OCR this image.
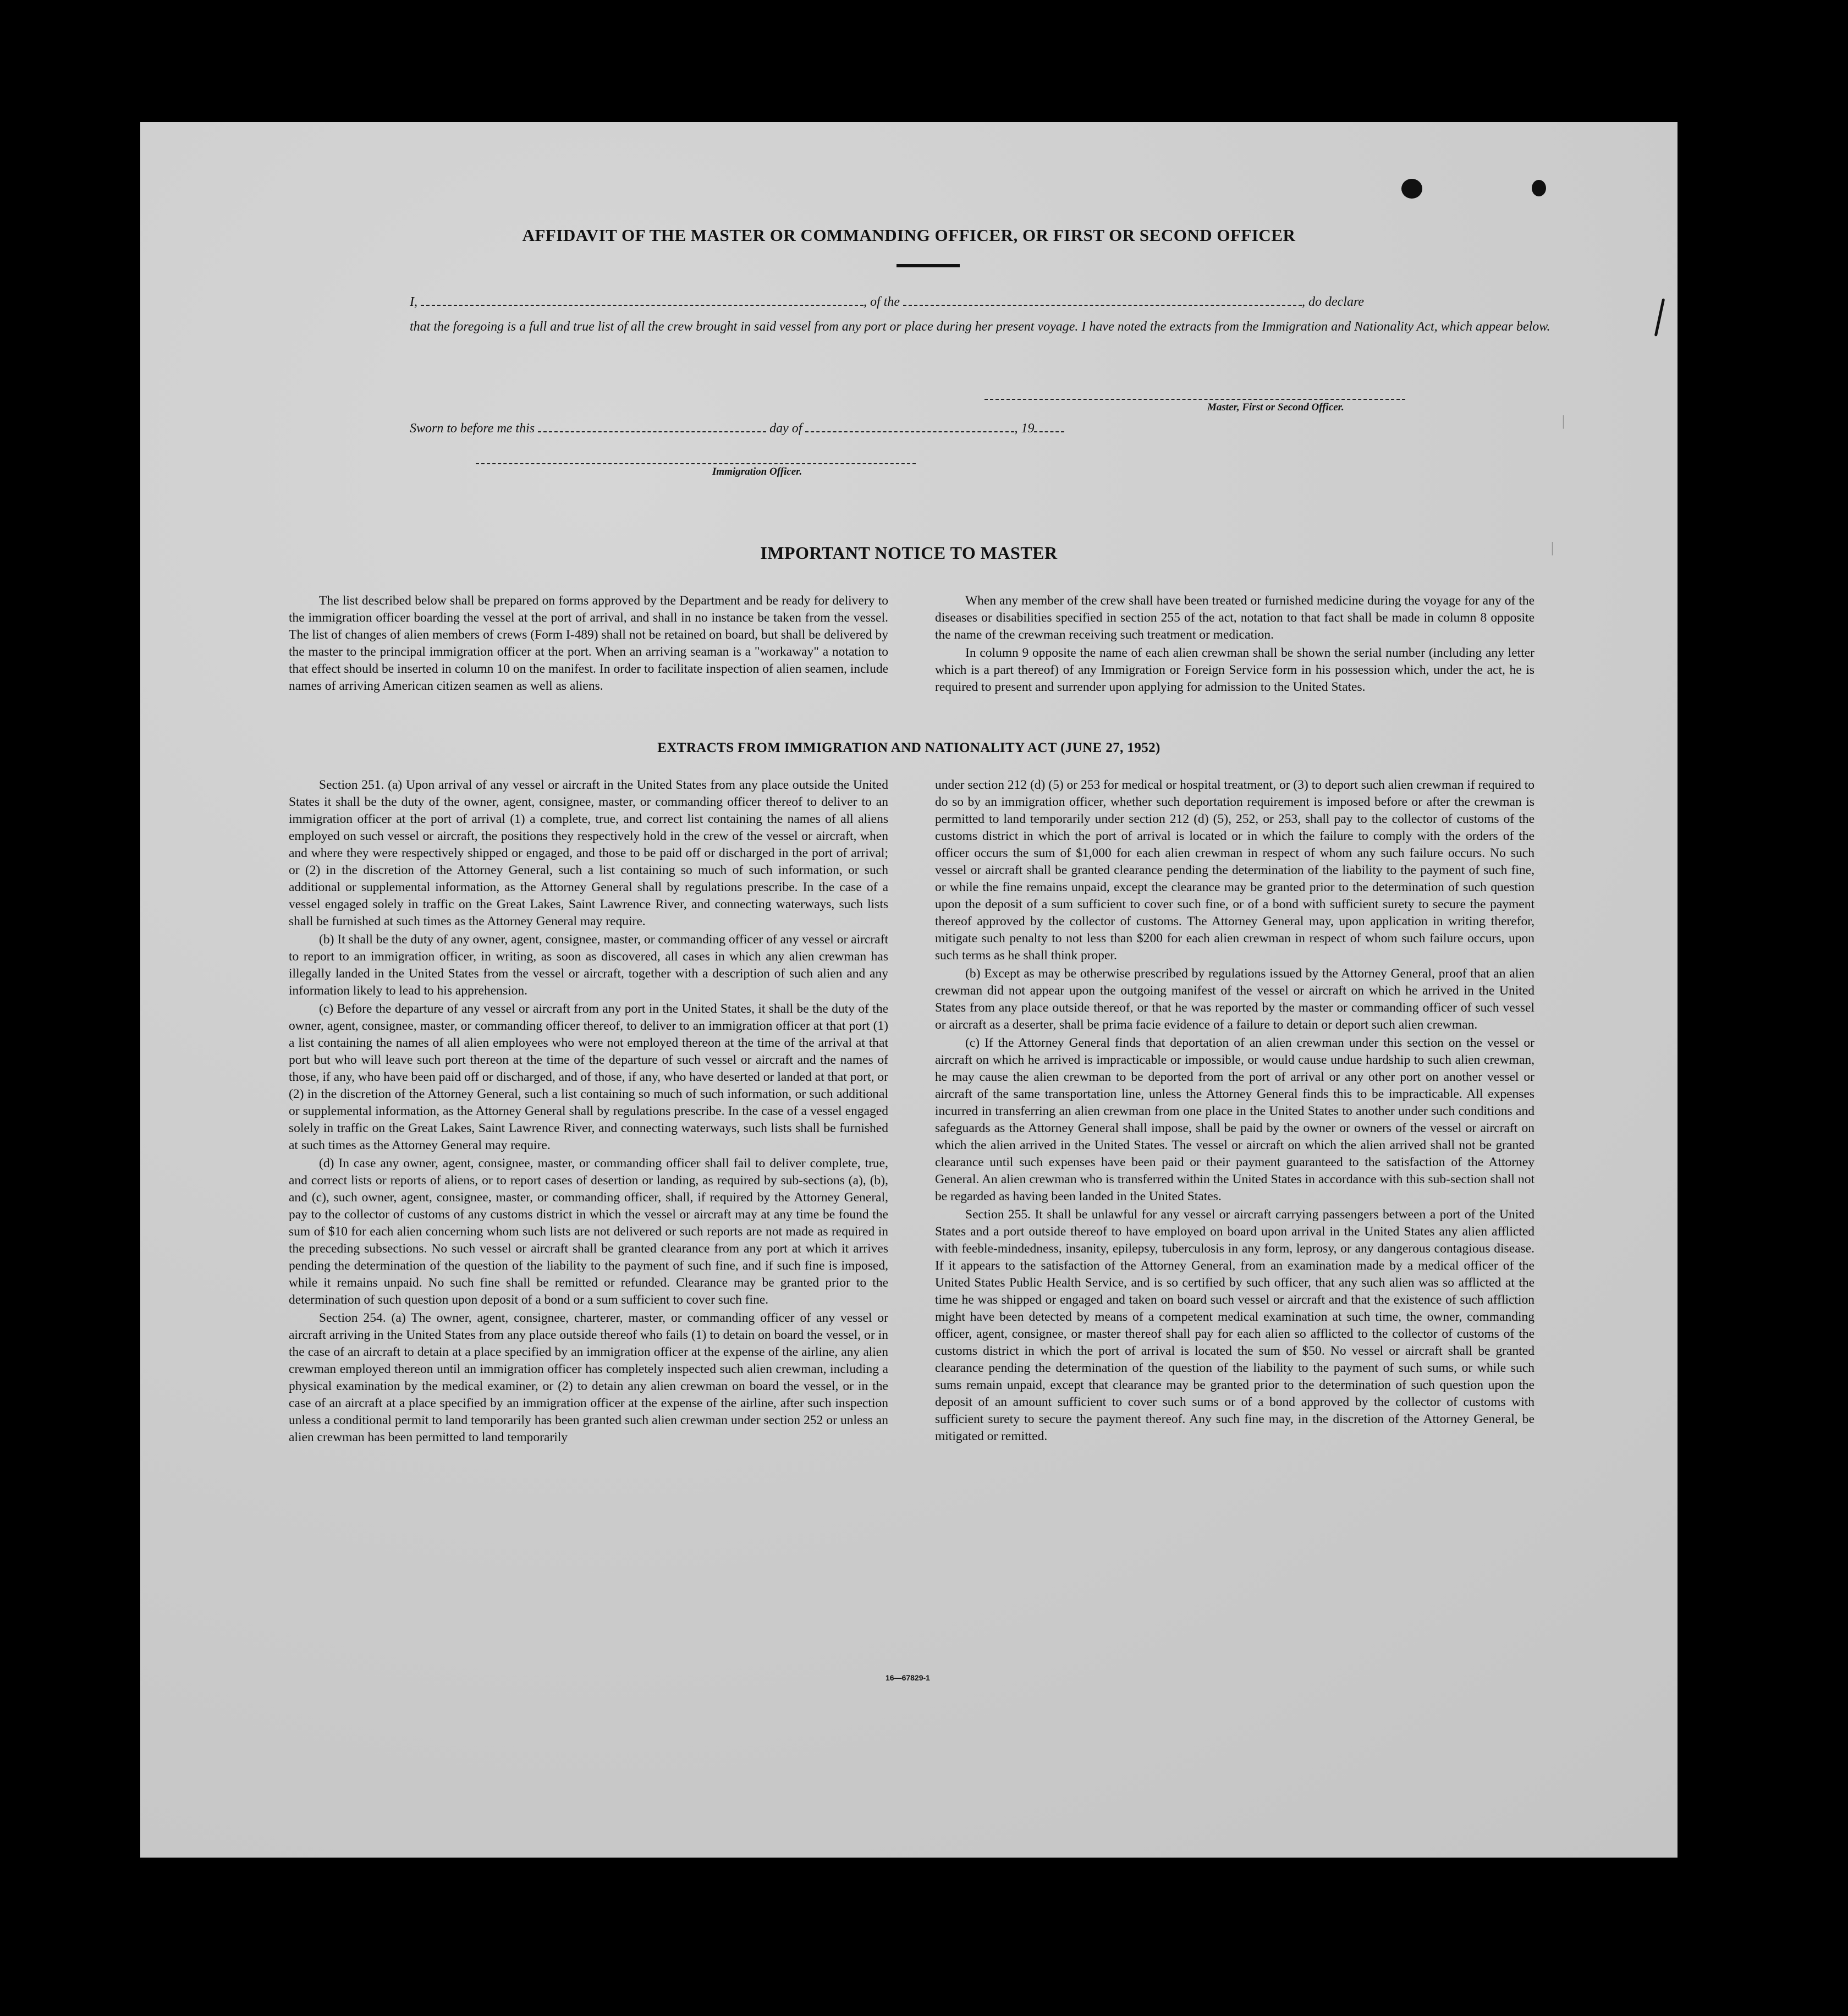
|
|
AFFIDAVIT OF THE MASTER OR COMMANDING OFFICER, OR FIRST OR SECOND OFFICER
I,	, of the	, do declare
that the foregoing is a full and true list of all the crew brought in said vessel from any port or place during her present voyage. I have noted the extracts from the Immigration and Nationality Act, which appear below.
Master, First or Second Officer.
Sworn to before me this	day of	, 19
Immigration Officer.
IMPORTANT NOTICE TO MASTER

The list described below shall be prepared on forms approved by the Department and be ready for delivery to the immigration officer boarding the vessel at the port of arrival, and shall in no instance be taken from the vessel. The list of changes of alien members of crews (Form I-489) shall not be retained on board, but shall be delivered by the master to the principal immigration officer at the port. When an arriving seaman is a "workaway" a notation to that effect should be inserted in column 10 on the manifest. In order to facilitate inspection of alien seamen, include names of arriving American citizen seamen as well as aliens.

When any member of the crew shall have been treated or furnished medicine during the voyage for any of the diseases or disabilities specified in section 255 of the act, notation to that fact shall be made in column 8 opposite the name of the crewman receiving such treatment or medication.

In column 9 opposite the name of each alien crewman shall be shown the serial number (including any letter which is a part thereof) of any Immigration or Foreign Service form in his possession which, under the act, he is required to present and surrender upon applying for admission to the United States.

EXTRACTS FROM IMMIGRATION AND NATIONALITY ACT (JUNE 27, 1952)

Section 251. (a) Upon arrival of any vessel or aircraft in the United States from any place outside the United States it shall be the duty of the owner, agent, consignee, master, or commanding officer thereof to deliver to an immigration officer at the port of arrival (1) a complete, true, and correct list containing the names of all aliens employed on such vessel or aircraft, the positions they respectively hold in the crew of the vessel or aircraft, when and where they were respectively shipped or engaged, and those to be paid off or discharged in the port of arrival; or (2) in the discretion of the Attorney General, such a list containing so much of such information, or such additional or supplemental information, as the Attorney General shall by regulations prescribe. In the case of a vessel engaged solely in traffic on the Great Lakes, Saint Lawrence River, and connecting waterways, such lists shall be furnished at such times as the Attorney General may require.

(b) It shall be the duty of any owner, agent, consignee, master, or commanding officer of any vessel or aircraft to report to an immigration officer, in writing, as soon as discovered, all cases in which any alien crewman has illegally landed in the United States from the vessel or aircraft, together with a description of such alien and any information likely to lead to his apprehension.

(c) Before the departure of any vessel or aircraft from any port in the United States, it shall be the duty of the owner, agent, consignee, master, or commanding officer thereof, to deliver to an immigration officer at that port (1) a list containing the names of all alien employees who were not employed thereon at the time of the arrival at that port but who will leave such port thereon at the time of the departure of such vessel or aircraft and the names of those, if any, who have been paid off or discharged, and of those, if any, who have deserted or landed at that port, or (2) in the discretion of the Attorney General, such a list containing so much of such information, or such additional or supplemental information, as the Attorney General shall by regulations prescribe. In the case of a vessel engaged solely in traffic on the Great Lakes, Saint Lawrence River, and connecting waterways, such lists shall be furnished at such times as the Attorney General may require.

(d) In case any owner, agent, consignee, master, or commanding officer shall fail to deliver complete, true, and correct lists or reports of aliens, or to report cases of desertion or landing, as required by sub-sections (a), (b), and (c), such owner, agent, consignee, master, or commanding officer, shall, if required by the Attorney General, pay to the collector of customs of any customs district in which the vessel or aircraft may at any time be found the sum of $10 for each alien concerning whom such lists are not delivered or such reports are not made as required in the preceding subsections. No such vessel or aircraft shall be granted clearance from any port at which it arrives pending the determination of the question of the liability to the payment of such fine, and if such fine is imposed, while it remains unpaid. No such fine shall be remitted or refunded. Clearance may be granted prior to the determination of such question upon deposit of a bond or a sum sufficient to cover such fine.

Section 254. (a) The owner, agent, consignee, charterer, master, or commanding officer of any vessel or aircraft arriving in the United States from any place outside thereof who fails (1) to detain on board the vessel, or in the case of an aircraft to detain at a place specified by an immigration officer at the expense of the airline, any alien crewman employed thereon until an immigration officer has completely inspected such alien crewman, including a physical examination by the medical examiner, or (2) to detain any alien crewman on board the vessel, or in the case of an aircraft at a place specified by an immigration officer at the expense of the airline, after such inspection unless a conditional permit to land temporarily has been granted such alien crewman under section 252 or unless an alien crewman has been permitted to land temporarily

under section 212 (d) (5) or 253 for medical or hospital treatment, or (3) to deport such alien crewman if required to do so by an immigration officer, whether such deportation requirement is imposed before or after the crewman is permitted to land temporarily under section 212 (d) (5), 252, or 253, shall pay to the collector of customs of the customs district in which the port of arrival is located or in which the failure to comply with the orders of the officer occurs the sum of $1,000 for each alien crewman in respect of whom any such failure occurs. No such vessel or aircraft shall be granted clearance pending the determination of the liability to the payment of such fine, or while the fine remains unpaid, except the clearance may be granted prior to the determination of such question upon the deposit of a sum sufficient to cover such fine, or of a bond with sufficient surety to secure the payment thereof approved by the collector of customs. The Attorney General may, upon application in writing therefor, mitigate such penalty to not less than $200 for each alien crewman in respect of whom such failure occurs, upon such terms as he shall think proper.

(b) Except as may be otherwise prescribed by regulations issued by the Attorney General, proof that an alien crewman did not appear upon the outgoing manifest of the vessel or aircraft on which he arrived in the United States from any place outside thereof, or that he was reported by the master or commanding officer of such vessel or aircraft as a deserter, shall be prima facie evidence of a failure to detain or deport such alien crewman.

(c) If the Attorney General finds that deportation of an alien crewman under this section on the vessel or aircraft on which he arrived is impracticable or impossible, or would cause undue hardship to such alien crewman, he may cause the alien crewman to be deported from the port of arrival or any other port on another vessel or aircraft of the same transportation line, unless the Attorney General finds this to be impracticable. All expenses incurred in transferring an alien crewman from one place in the United States to another under such conditions and safeguards as the Attorney General shall impose, shall be paid by the owner or owners of the vessel or aircraft on which the alien arrived in the United States. The vessel or aircraft on which the alien arrived shall not be granted clearance until such expenses have been paid or their payment guaranteed to the satisfaction of the Attorney General. An alien crewman who is transferred within the United States in accordance with this sub-section shall not be regarded as having been landed in the United States.

Section 255. It shall be unlawful for any vessel or aircraft carrying passengers between a port of the United States and a port outside thereof to have employed on board upon arrival in the United States any alien afflicted with feeble-mindedness, insanity, epilepsy, tuberculosis in any form, leprosy, or any dangerous contagious disease. If it appears to the satisfaction of the Attorney General, from an examination made by a medical officer of the United States Public Health Service, and is so certified by such officer, that any such alien was so afflicted at the time he was shipped or engaged and taken on board such vessel or aircraft and that the existence of such affliction might have been detected by means of a competent medical examination at such time, the owner, commanding officer, agent, consignee, or master thereof shall pay for each alien so afflicted to the collector of customs of the customs district in which the port of arrival is located the sum of $50. No vessel or aircraft shall be granted clearance pending the determination of the question of the liability to the payment of such sums, or while such sums remain unpaid, except that clearance may be granted prior to the determination of such question upon the deposit of an amount sufficient to cover such sums or of a bond approved by the collector of customs with sufficient surety to secure the payment thereof. Any such fine may, in the discretion of the Attorney General, be mitigated or remitted.

16—67829-1
